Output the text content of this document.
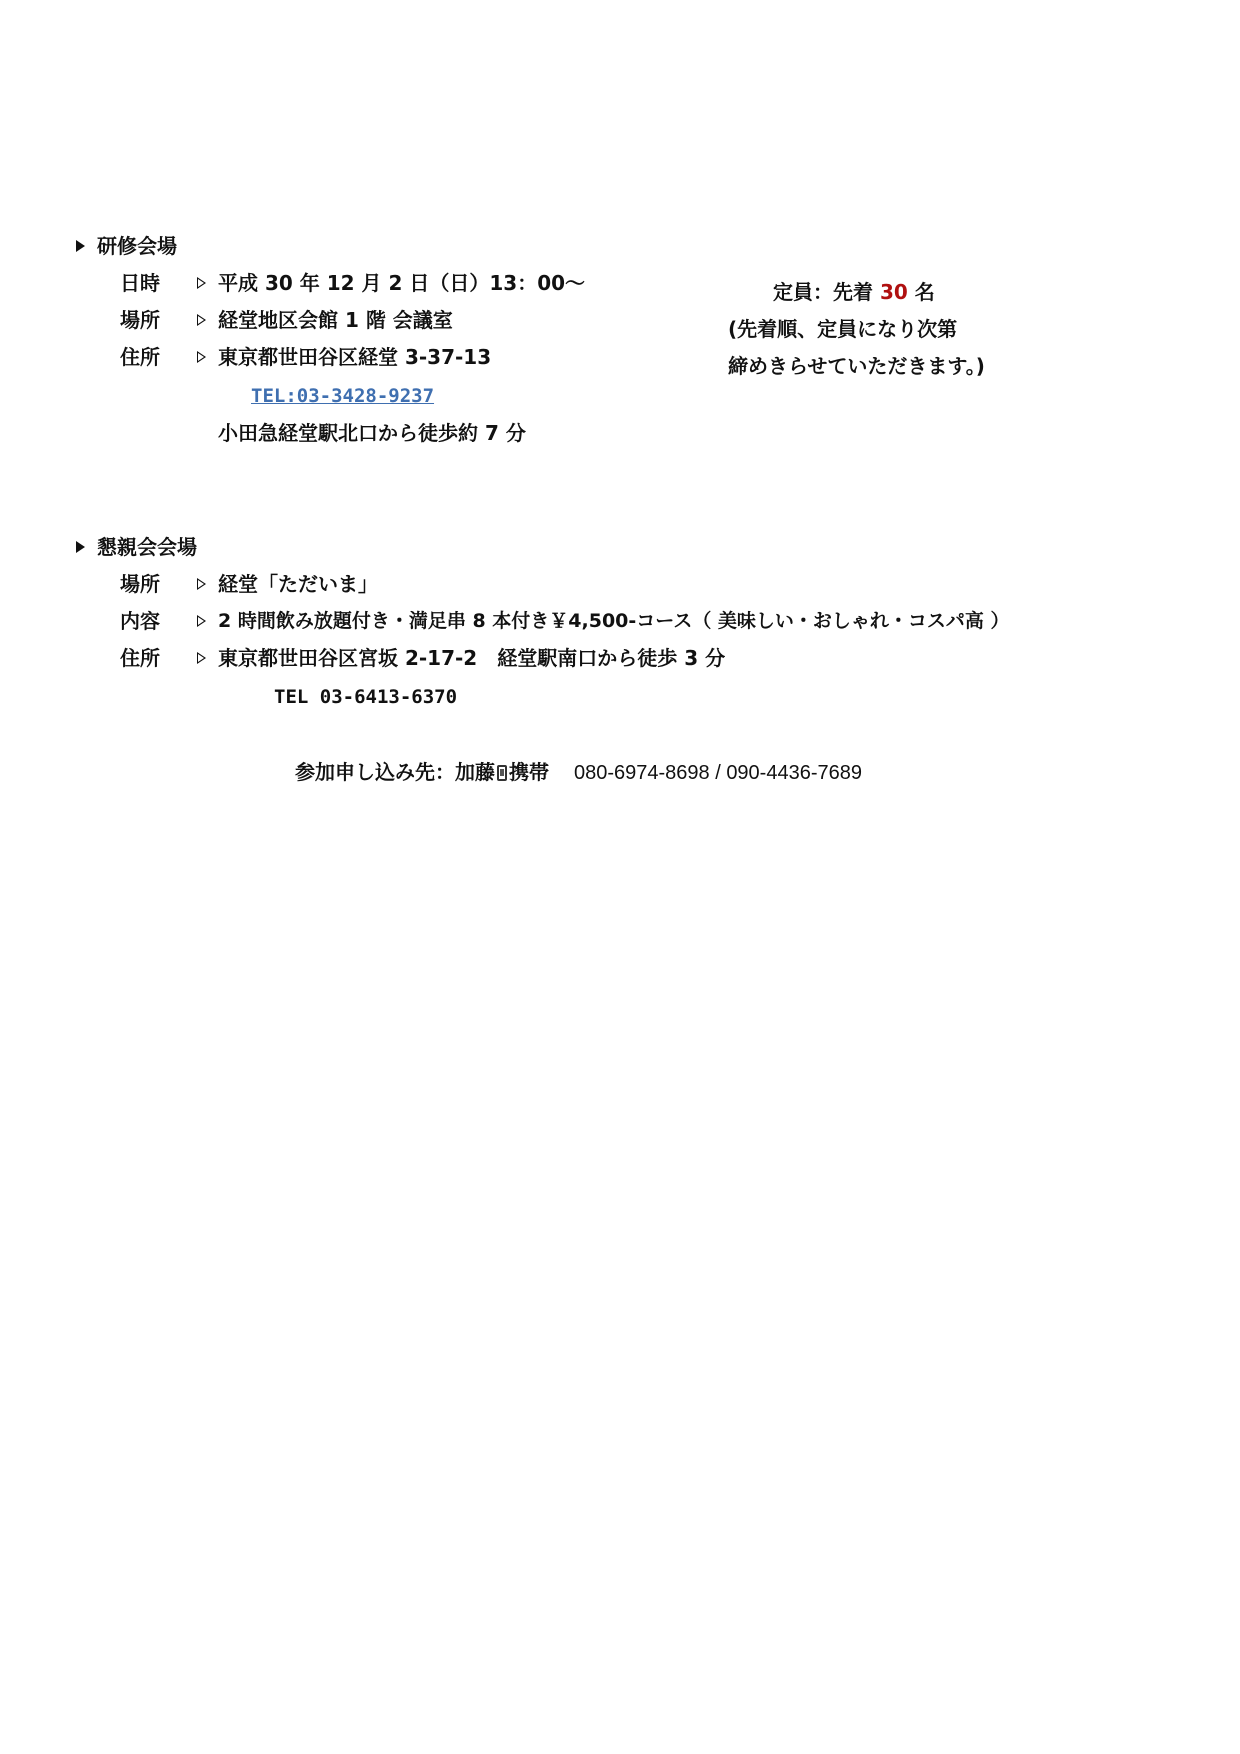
研修会場
日時	平成 30 年 12 月 2 日（日）13：00～
場所	経堂地区会館 1 階 会議室
住所	東京都世田谷区経堂 3-37-13
TEL:03-3428-9237
小田急経堂駅北口から徒歩約 7 分
定員：先着 30 名
(先着順、定員になり次第
締めきらせていただきます。)
懇親会会場
場所	経堂「ただいま」
内容	2 時間飲み放題付き・満足串 8 本付き￥4,500-コース（ 美味しい・おしゃれ・コスパ高 ）
住所	東京都世田谷区宮坂 2-17-2　経堂駅南口から徒歩 3 分
TEL 03-6413-6370
参加申し込み先：加藤 携帯 080-6974-8698 / 090-4436-7689
